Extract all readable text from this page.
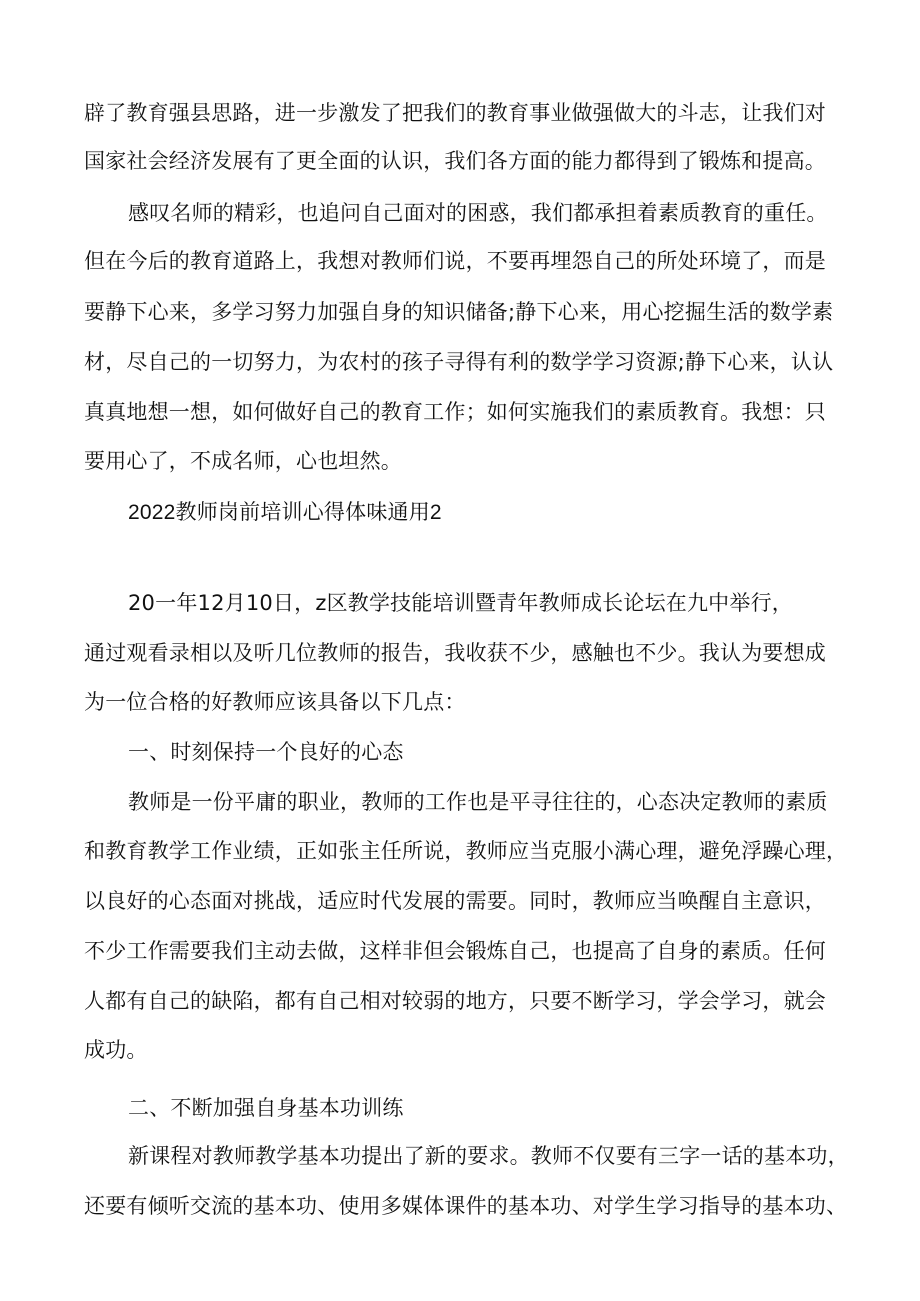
辟了教育强县思路，进一步激发了把我们的教育事业做强做大的斗志，让我们对
国家社会经济发展有了更全面的认识，我们各方面的能力都得到了锻炼和提高。
感叹名师的精彩，也追问自己面对的困惑，我们都承担着素质教育的重任。
但在今后的教育道路上，我想对教师们说，不要再埋怨自己的所处环境了，而是
要静下心来，多学习努力加强自身的知识储备;静下心来，用心挖掘生活的数学素
材，尽自己的一切努力，为农村的孩子寻得有利的数学学习资源;静下心来，认认
真真地想一想，如何做好自己的教育工作；如何实施我们的素质教育。我想：只
要用心了，不成名师，心也坦然。
2022教师岗前培训心得体味通用2
20一年12月10日，z区教学技能培训暨青年教师成长论坛在九中举行，
通过观看录相以及听几位教师的报告，我收获不少，感触也不少。我认为要想成
为一位合格的好教师应该具备以下几点：
一、时刻保持一个良好的心态
教师是一份平庸的职业，教师的工作也是平寻往往的，心态决定教师的素质
和教育教学工作业绩，正如张主任所说，教师应当克服小满心理，避免浮躁心理，
以良好的心态面对挑战，适应时代发展的需要。同时，教师应当唤醒自主意识，
不少工作需要我们主动去做，这样非但会锻炼自己，也提高了自身的素质。任何
人都有自己的缺陷，都有自己相对较弱的地方，只要不断学习，学会学习，就会
成功。
二、不断加强自身基本功训练
新课程对教师教学基本功提出了新的要求。教师不仅要有三字一话的基本功，
还要有倾听交流的基本功、使用多媒体课件的基本功、对学生学习指导的基本功、
